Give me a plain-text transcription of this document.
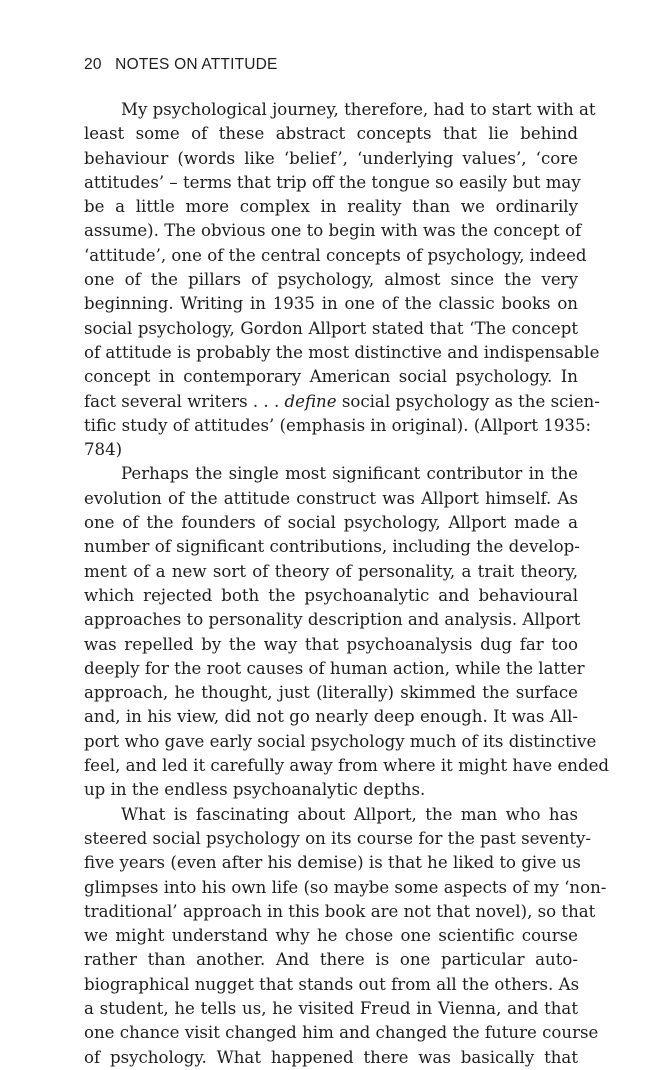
20 NOTES ON ATTITUDE
My psychological journey, therefore, had to start with at
least some of these abstract concepts that lie behind
behaviour (words like ‘belief’, ‘underlying values’, ‘core
attitudes’ – terms that trip off the tongue so easily but may
be a little more complex in reality than we ordinarily
assume). The obvious one to begin with was the concept of
‘attitude’, one of the central concepts of psychology, indeed
one of the pillars of psychology, almost since the very
beginning. Writing in 1935 in one of the classic books on
social psychology, Gordon Allport stated that ‘The concept
of attitude is probably the most distinctive and indispensable
concept in contemporary American social psychology. In
fact several writers . . . define social psychology as the scien-
tific study of attitudes’ (emphasis in original). (Allport 1935:
784)
Perhaps the single most significant contributor in the
evolution of the attitude construct was Allport himself. As
one of the founders of social psychology, Allport made a
number of significant contributions, including the develop-
ment of a new sort of theory of personality, a trait theory,
which rejected both the psychoanalytic and behavioural
approaches to personality description and analysis. Allport
was repelled by the way that psychoanalysis dug far too
deeply for the root causes of human action, while the latter
approach, he thought, just (literally) skimmed the surface
and, in his view, did not go nearly deep enough. It was All-
port who gave early social psychology much of its distinctive
feel, and led it carefully away from where it might have ended
up in the endless psychoanalytic depths.
What is fascinating about Allport, the man who has
steered social psychology on its course for the past seventy-
five years (even after his demise) is that he liked to give us
glimpses into his own life (so maybe some aspects of my ‘non-
traditional’ approach in this book are not that novel), so that
we might understand why he chose one scientific course
rather than another. And there is one particular auto-
biographical nugget that stands out from all the others. As
a student, he tells us, he visited Freud in Vienna, and that
one chance visit changed him and changed the future course
of psychology. What happened there was basically that
